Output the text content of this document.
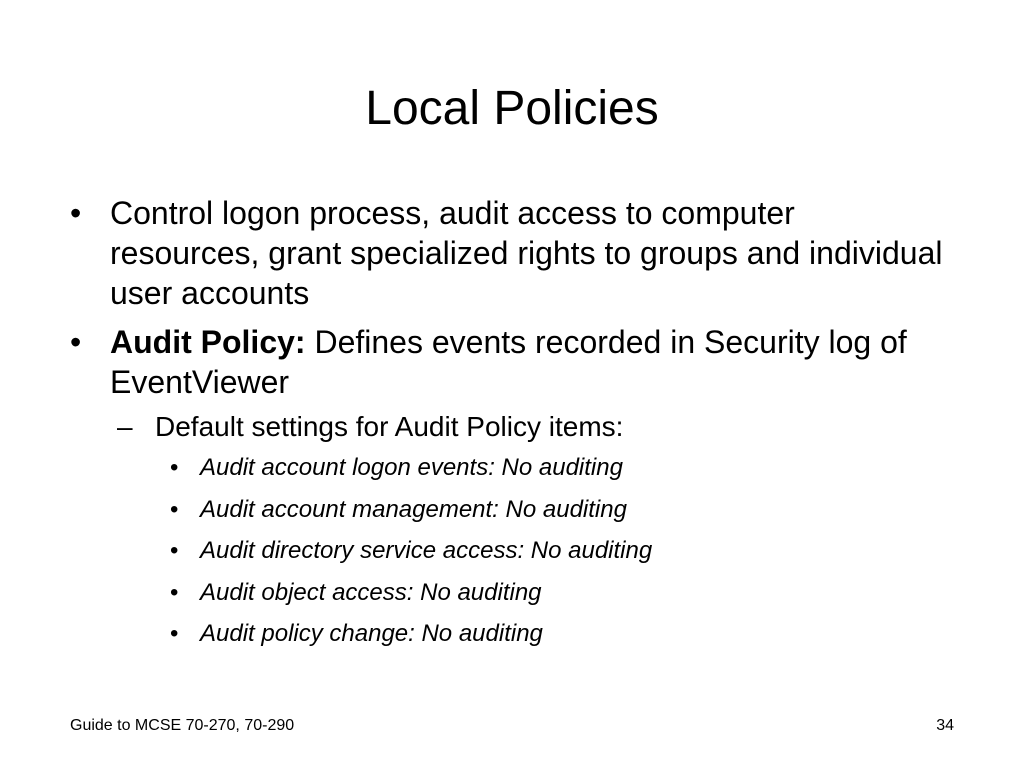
Local Policies
• Control logon process, audit access to computer resources, grant specialized rights to groups and individual user accounts
• Audit Policy: Defines events recorded in Security log of EventViewer
– Default settings for Audit Policy items:
• Audit account logon events: No auditing
• Audit account management: No auditing
• Audit directory service access: No auditing
• Audit object access: No auditing
• Audit policy change: No auditing
Guide to MCSE 70-270, 70-290	34
